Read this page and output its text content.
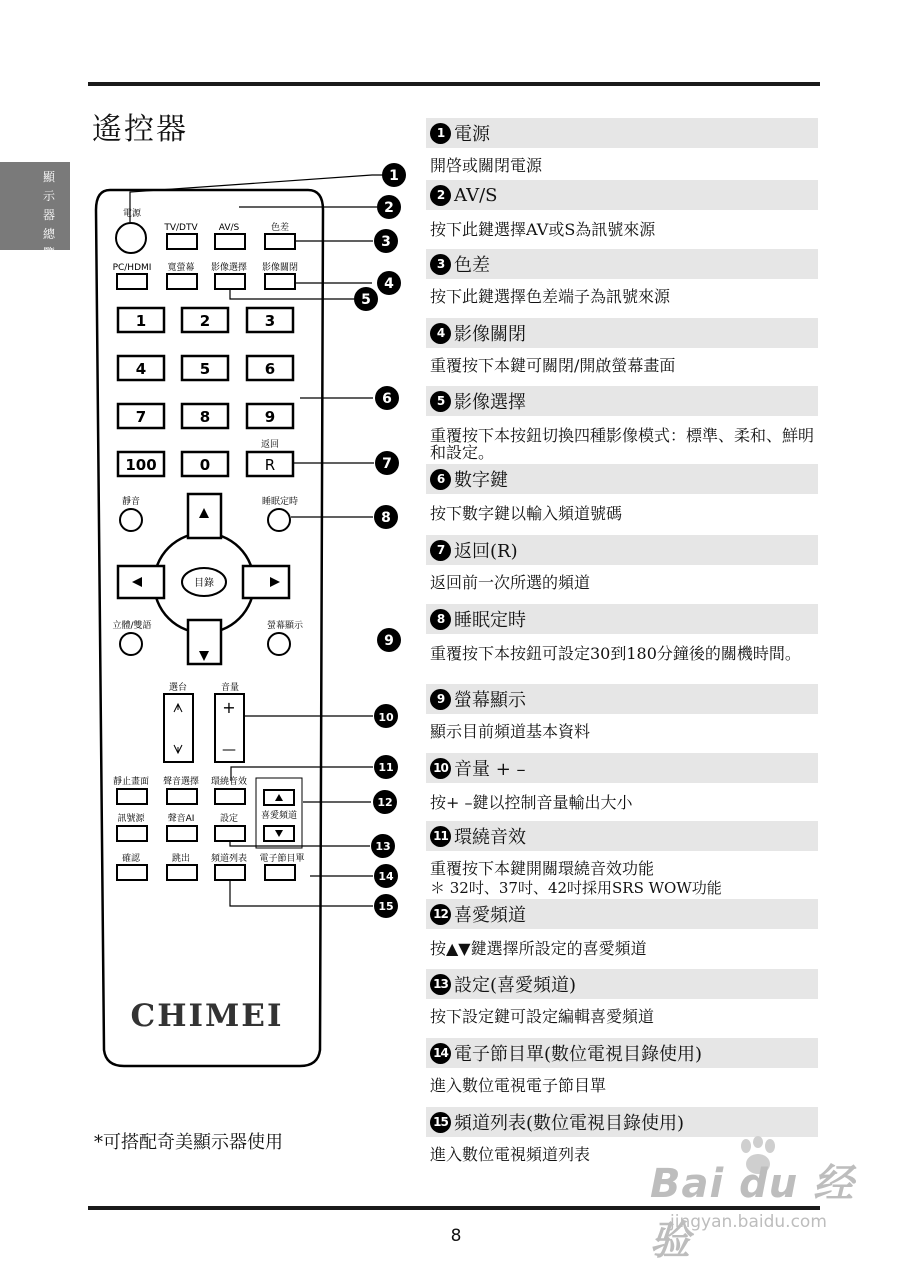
遙控器
顯示器總覽
電源
TV/DTV AV/S	色差
PC/HDMI 寬螢幕 影像選擇 影像關閉
1	2	3
4	5	6
7	8	9
100	0	R
返回
靜音	睡眠定時
目錄
立體/雙語	螢幕顯示
選台	音量
+
—
靜止畫面 聲音選擇 環繞音效
訊號源	聲音AI	設定	喜愛頻道
確認	跳出 頻道列表 電子節目單
CHIMEI
1
2
3
4
5
6
7
8
9
10
11
12
13
14
15
1 電源
開啓或關閉電源
2 AV/S
按下此鍵選擇AV或S為訊號來源
3 色差
按下此鍵選擇色差端子為訊號來源
4 影像關閉
重覆按下本鍵可關閉/開啟螢幕畫面
5 影像選擇
重覆按下本按鈕切換四種影像模式：標準、柔和、鮮明和設定。
6 數字鍵
按下數字鍵以輸入頻道號碼
7 返回(R)
返回前一次所選的頻道
8 睡眠定時
重覆按下本按鈕可設定30到180分鐘後的關機時間。
9 螢幕顯示
顯示目前頻道基本資料
10 音量 + –
按+ –鍵以控制音量輸出大小
11 環繞音效
重覆按下本鍵開關環繞音效功能
＊ 32吋、37吋、42吋採用SRS WOW功能
12 喜愛頻道
按▲▼鍵選擇所設定的喜愛頻道
13 設定(喜愛頻道)
按下設定鍵可設定編輯喜愛頻道
14 電子節目單(數位電視目錄使用)
進入數位電視電子節目單
15 頻道列表(數位電視目錄使用)
進入數位電視頻道列表
*可搭配奇美顯示器使用
8
Bai du 经验
jingyan.baidu.com
